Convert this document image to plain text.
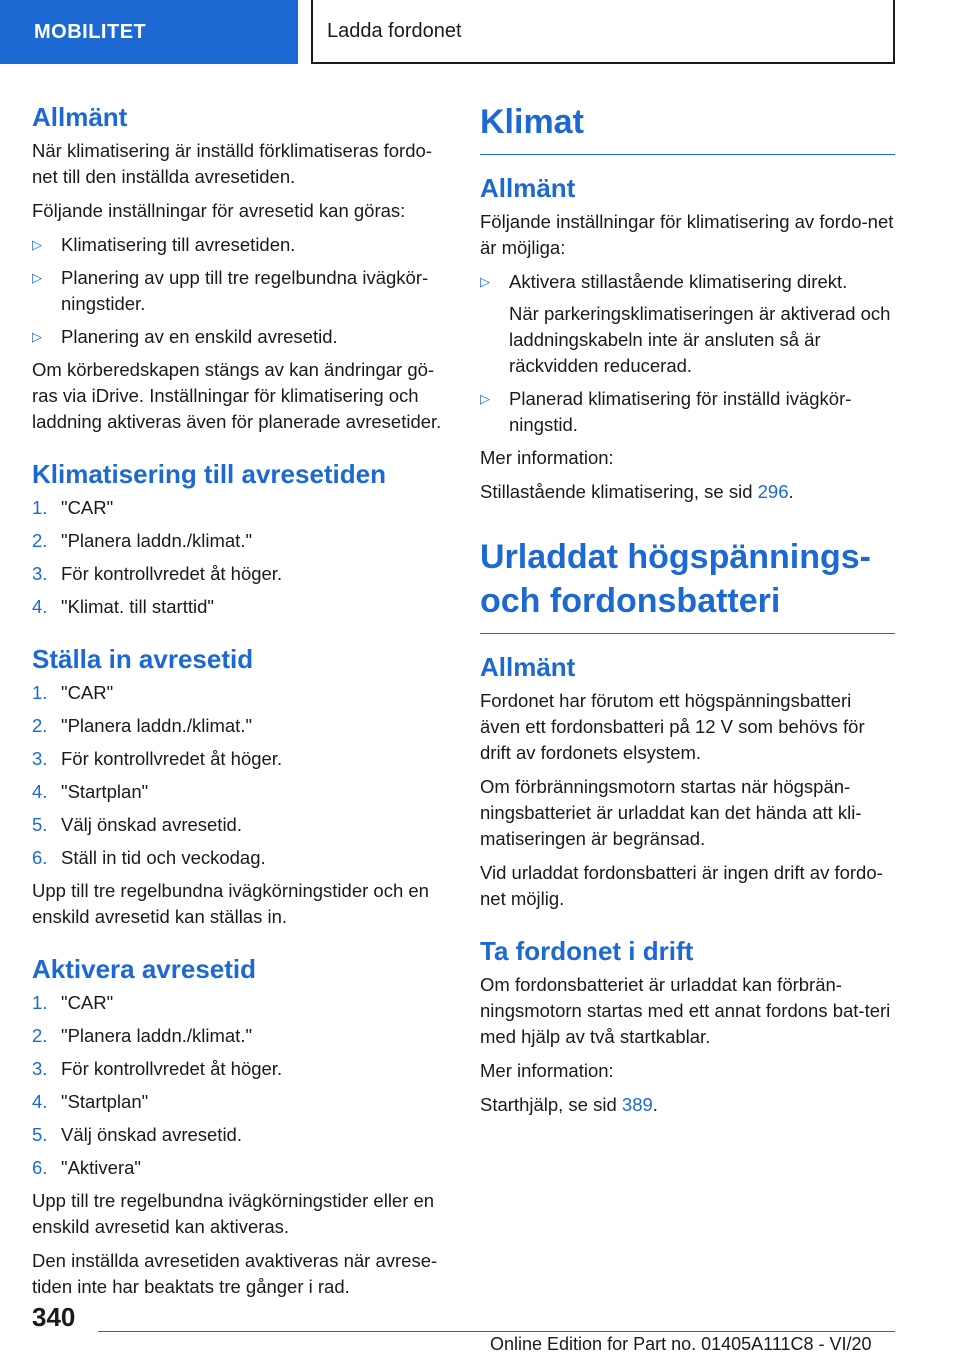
MOBILITET	Ladda fordonet
Allmänt
När klimatisering är inställd förklimatiseras fordo-net till den inställda avresetiden.
Följande inställningar för avresetid kan göras:
▷ Klimatisering till avresetiden.
▷ Planering av upp till tre regelbundna ivägkör-ningstider.
▷ Planering av en enskild avresetid.
Om körberedskapen stängs av kan ändringar gö-ras via iDrive. Inställningar för klimatisering och laddning aktiveras även för planerade avresetider.
Klimatisering till avresetiden
1. "CAR"
2. "Planera laddn./klimat."
3. För kontrollvredet åt höger.
4. "Klimat. till starttid"
Ställa in avresetid
1. "CAR"
2. "Planera laddn./klimat."
3. För kontrollvredet åt höger.
4. "Startplan"
5. Välj önskad avresetid.
6. Ställ in tid och veckodag.
Upp till tre regelbundna ivägkörningstider och en enskild avresetid kan ställas in.
Aktivera avresetid
1. "CAR"
2. "Planera laddn./klimat."
3. För kontrollvredet åt höger.
4. "Startplan"
5. Välj önskad avresetid.
6. "Aktivera"
Upp till tre regelbundna ivägkörningstider eller en enskild avresetid kan aktiveras.
Den inställda avresetiden avaktiveras när avrese-tiden inte har beaktats tre gånger i rad.
Klimat
Allmänt
Följande inställningar för klimatisering av fordo-net är möjliga:
▷ Aktivera stillastående klimatisering direkt.
När parkeringsklimatiseringen är aktiverad och laddningskabeln inte är ansluten så är räckvidden reducerad.
▷ Planerad klimatisering för inställd ivägkör-ningstid.
Mer information:
Stillastående klimatisering, se sid 296.
Urladdat högspännings- och fordonsbatteri
Allmänt
Fordonet har förutom ett högspänningsbatteri även ett fordonsbatteri på 12 V som behövs för drift av fordonets elsystem.
Om förbränningsmotorn startas när högspän-ningsbatteriet är urladdat kan det hända att kli-matiseringen är begränsad.
Vid urladdat fordonsbatteri är ingen drift av fordo-net möjlig.
Ta fordonet i drift
Om fordonsbatteriet är urladdat kan förbrän-ningsmotorn startas med ett annat fordons bat-teri med hjälp av två startkablar.
Mer information:
Starthjälp, se sid 389.
340
Online Edition for Part no. 01405A111C8 - VI/20
